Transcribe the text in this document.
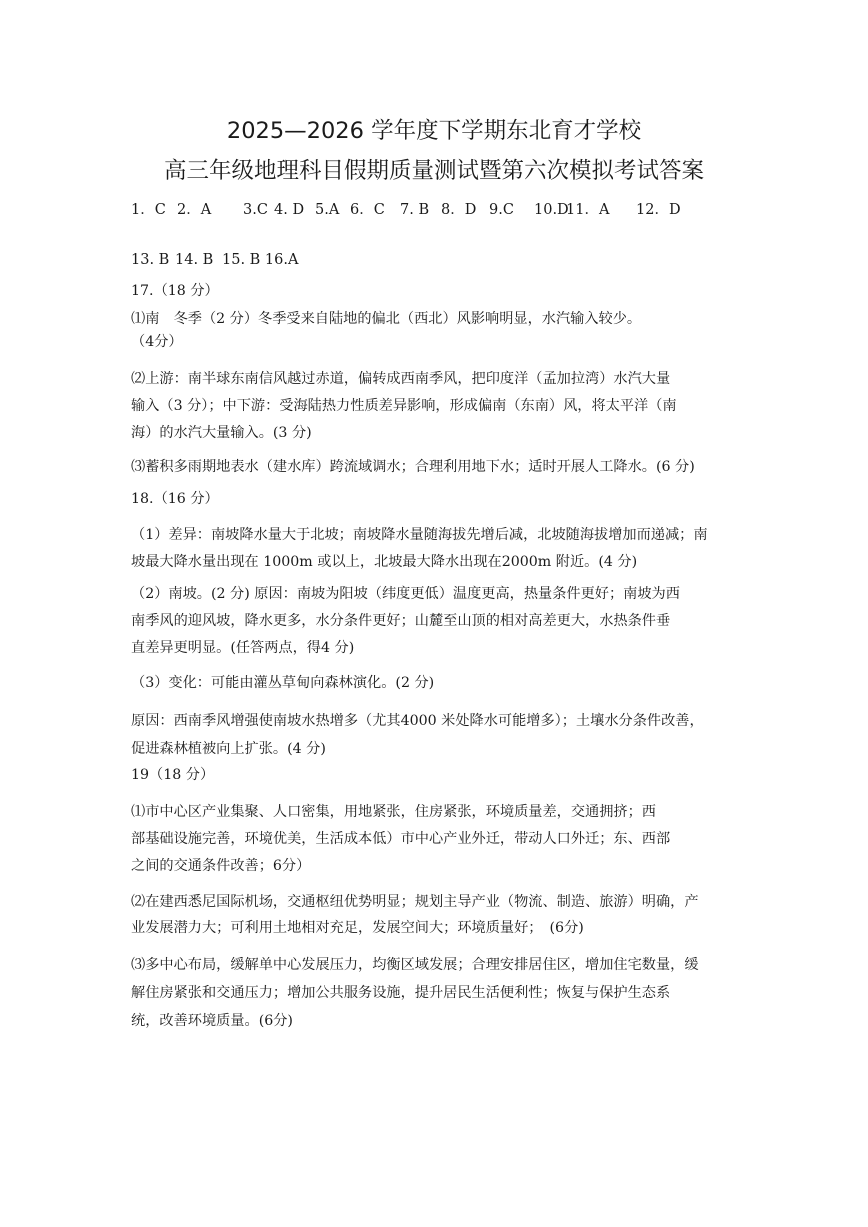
2025—2026 学年度下学期东北育才学校
高三年级地理科目假期质量测试暨第六次模拟考试答案
1．C 2．A 3.C 4. D 5.A 6．C 7. B 8．D 9.C 10.D
11．A 12．D
13. B 14. B 15. B 16.A
17.（18 分）
⑴南　冬季（2 分）冬季受来自陆地的偏北（西北）风影响明显，水汽输入较少。
（4分）
⑵上游：南半球东南信风越过赤道，偏转成西南季风，把印度洋（孟加拉湾）水汽大量
输入（3 分）；中下游：受海陆热力性质差异影响，形成偏南（东南）风，将太平洋（南
海）的水汽大量输入。(3 分)
⑶蓄积多雨期地表水（建水库）跨流域调水；合理利用地下水；适时开展人工降水。(6 分)
18.（16 分）
（1）差异：南坡降水量大于北坡；南坡降水量随海拔先增后减，北坡随海拔增加而递减；南
坡最大降水量出现在 1000m 或以上，北坡最大降水出现在2000m 附近。(4 分)
（2）南坡。(2 分) 原因：南坡为阳坡（纬度更低）温度更高，热量条件更好；南坡为西
南季风的迎风坡，降水更多，水分条件更好；山麓至山顶的相对高差更大，水热条件垂
直差异更明显。(任答两点，得4 分)
（3）变化：可能由灌丛草甸向森林演化。(2 分)
原因：西南季风增强使南坡水热增多（尤其4000 米处降水可能增多）；土壤水分条件改善，
促进森林植被向上扩张。(4 分)
19（18 分）
⑴市中心区产业集聚、人口密集，用地紧张，住房紧张，环境质量差，交通拥挤；西
部基础设施完善，环境优美，生活成本低）市中心产业外迁，带动人口外迁；东、西部
之间的交通条件改善；6分）
⑵在建西悉尼国际机场，交通枢纽优势明显；规划主导产业（物流、制造、旅游）明确，产
业发展潜力大；可利用土地相对充足，发展空间大；环境质量好；　(6分)
⑶多中心布局，缓解单中心发展压力，均衡区域发展；合理安排居住区，增加住宅数量，缓
解住房紧张和交通压力；增加公共服务设施，提升居民生活便利性；恢复与保护生态系
统，改善环境质量。(6分)
